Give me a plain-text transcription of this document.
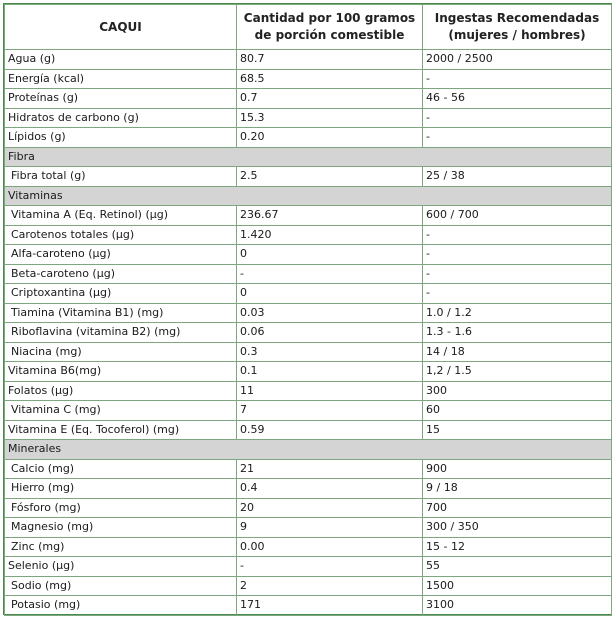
CAQUI	Cantidad por 100 gramos de porción comestible	Ingestas Recomendadas (mujeres / hombres)
Agua (g)	80.7	2000 / 2500
Energía (kcal)	68.5	-
Proteínas (g)	0.7	46 - 56
Hidratos de carbono (g)	15.3	-
Lípidos (g)	0.20	-
Fibra		
Fibra total (g)	2.5	25 / 38
Vitaminas		
Vitamina A (Eq. Retinol) (µg)	236.67	600 / 700
Carotenos totales (µg)	1.420	-
Alfa-caroteno (µg)	0	-
Beta-caroteno (µg)	-	-
Criptoxantina (µg)	0	-
Tiamina (Vitamina B1) (mg)	0.03	1.0 / 1.2
Riboflavina (vitamina B2) (mg)	0.06	1.3 - 1.6
Niacina (mg)	0.3	14 / 18
Vitamina B6(mg)	0.1	1,2 / 1.5
Folatos (µg)	11	300
Vitamina C (mg)	7	60
Vitamina E (Eq. Tocoferol) (mg)	0.59	15
Minerales		
Calcio (mg)	21	900
Hierro (mg)	0.4	9 / 18
Fósforo (mg)	20	700
Magnesio (mg)	9	300 / 350
Zinc (mg)	0.00	15 - 12
Selenio (µg)	-	55
Sodio (mg)	2	1500
Potasio (mg)	171	3100
